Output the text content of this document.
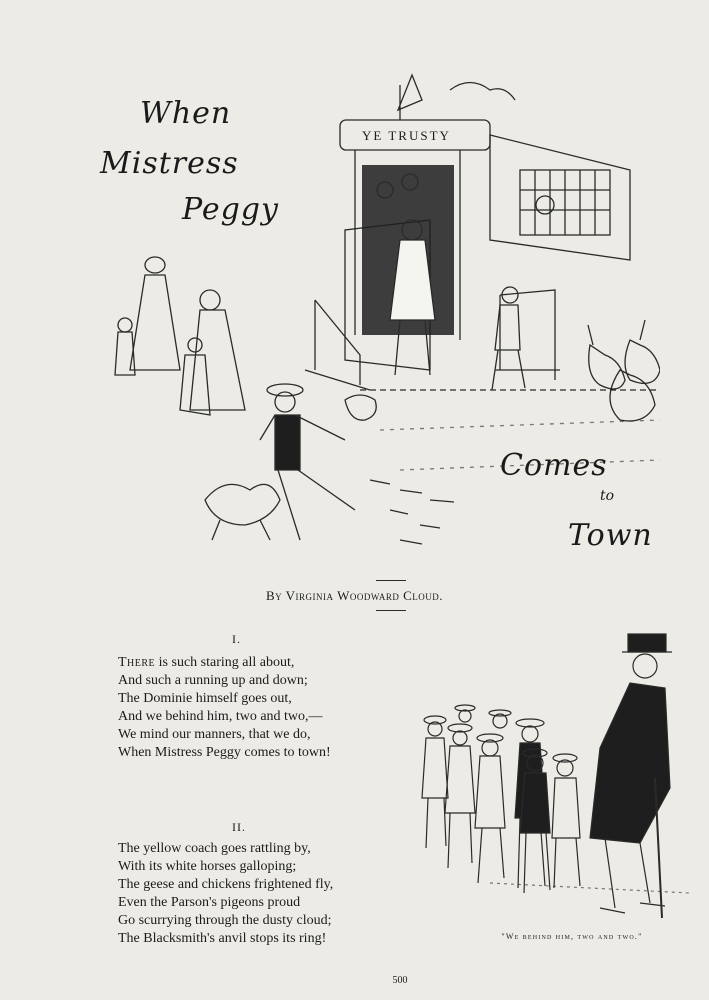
When
Mistress
Peggy
Comes
to
Town
YE TRUSTY
By Virginia Woodward Cloud.
I.
There is such staring all about,
And such a running up and down;
The Dominie himself goes out,
And we behind him, two and two,—
We mind our manners, that we do,
When Mistress Peggy comes to town!
II.
The yellow coach goes rattling by,
With its white horses galloping;
The geese and chickens frightened fly,
Even the Parson's pigeons proud
Go scurrying through the dusty cloud;
The Blacksmith's anvil stops its ring!	"We behind him, two and two."
500
